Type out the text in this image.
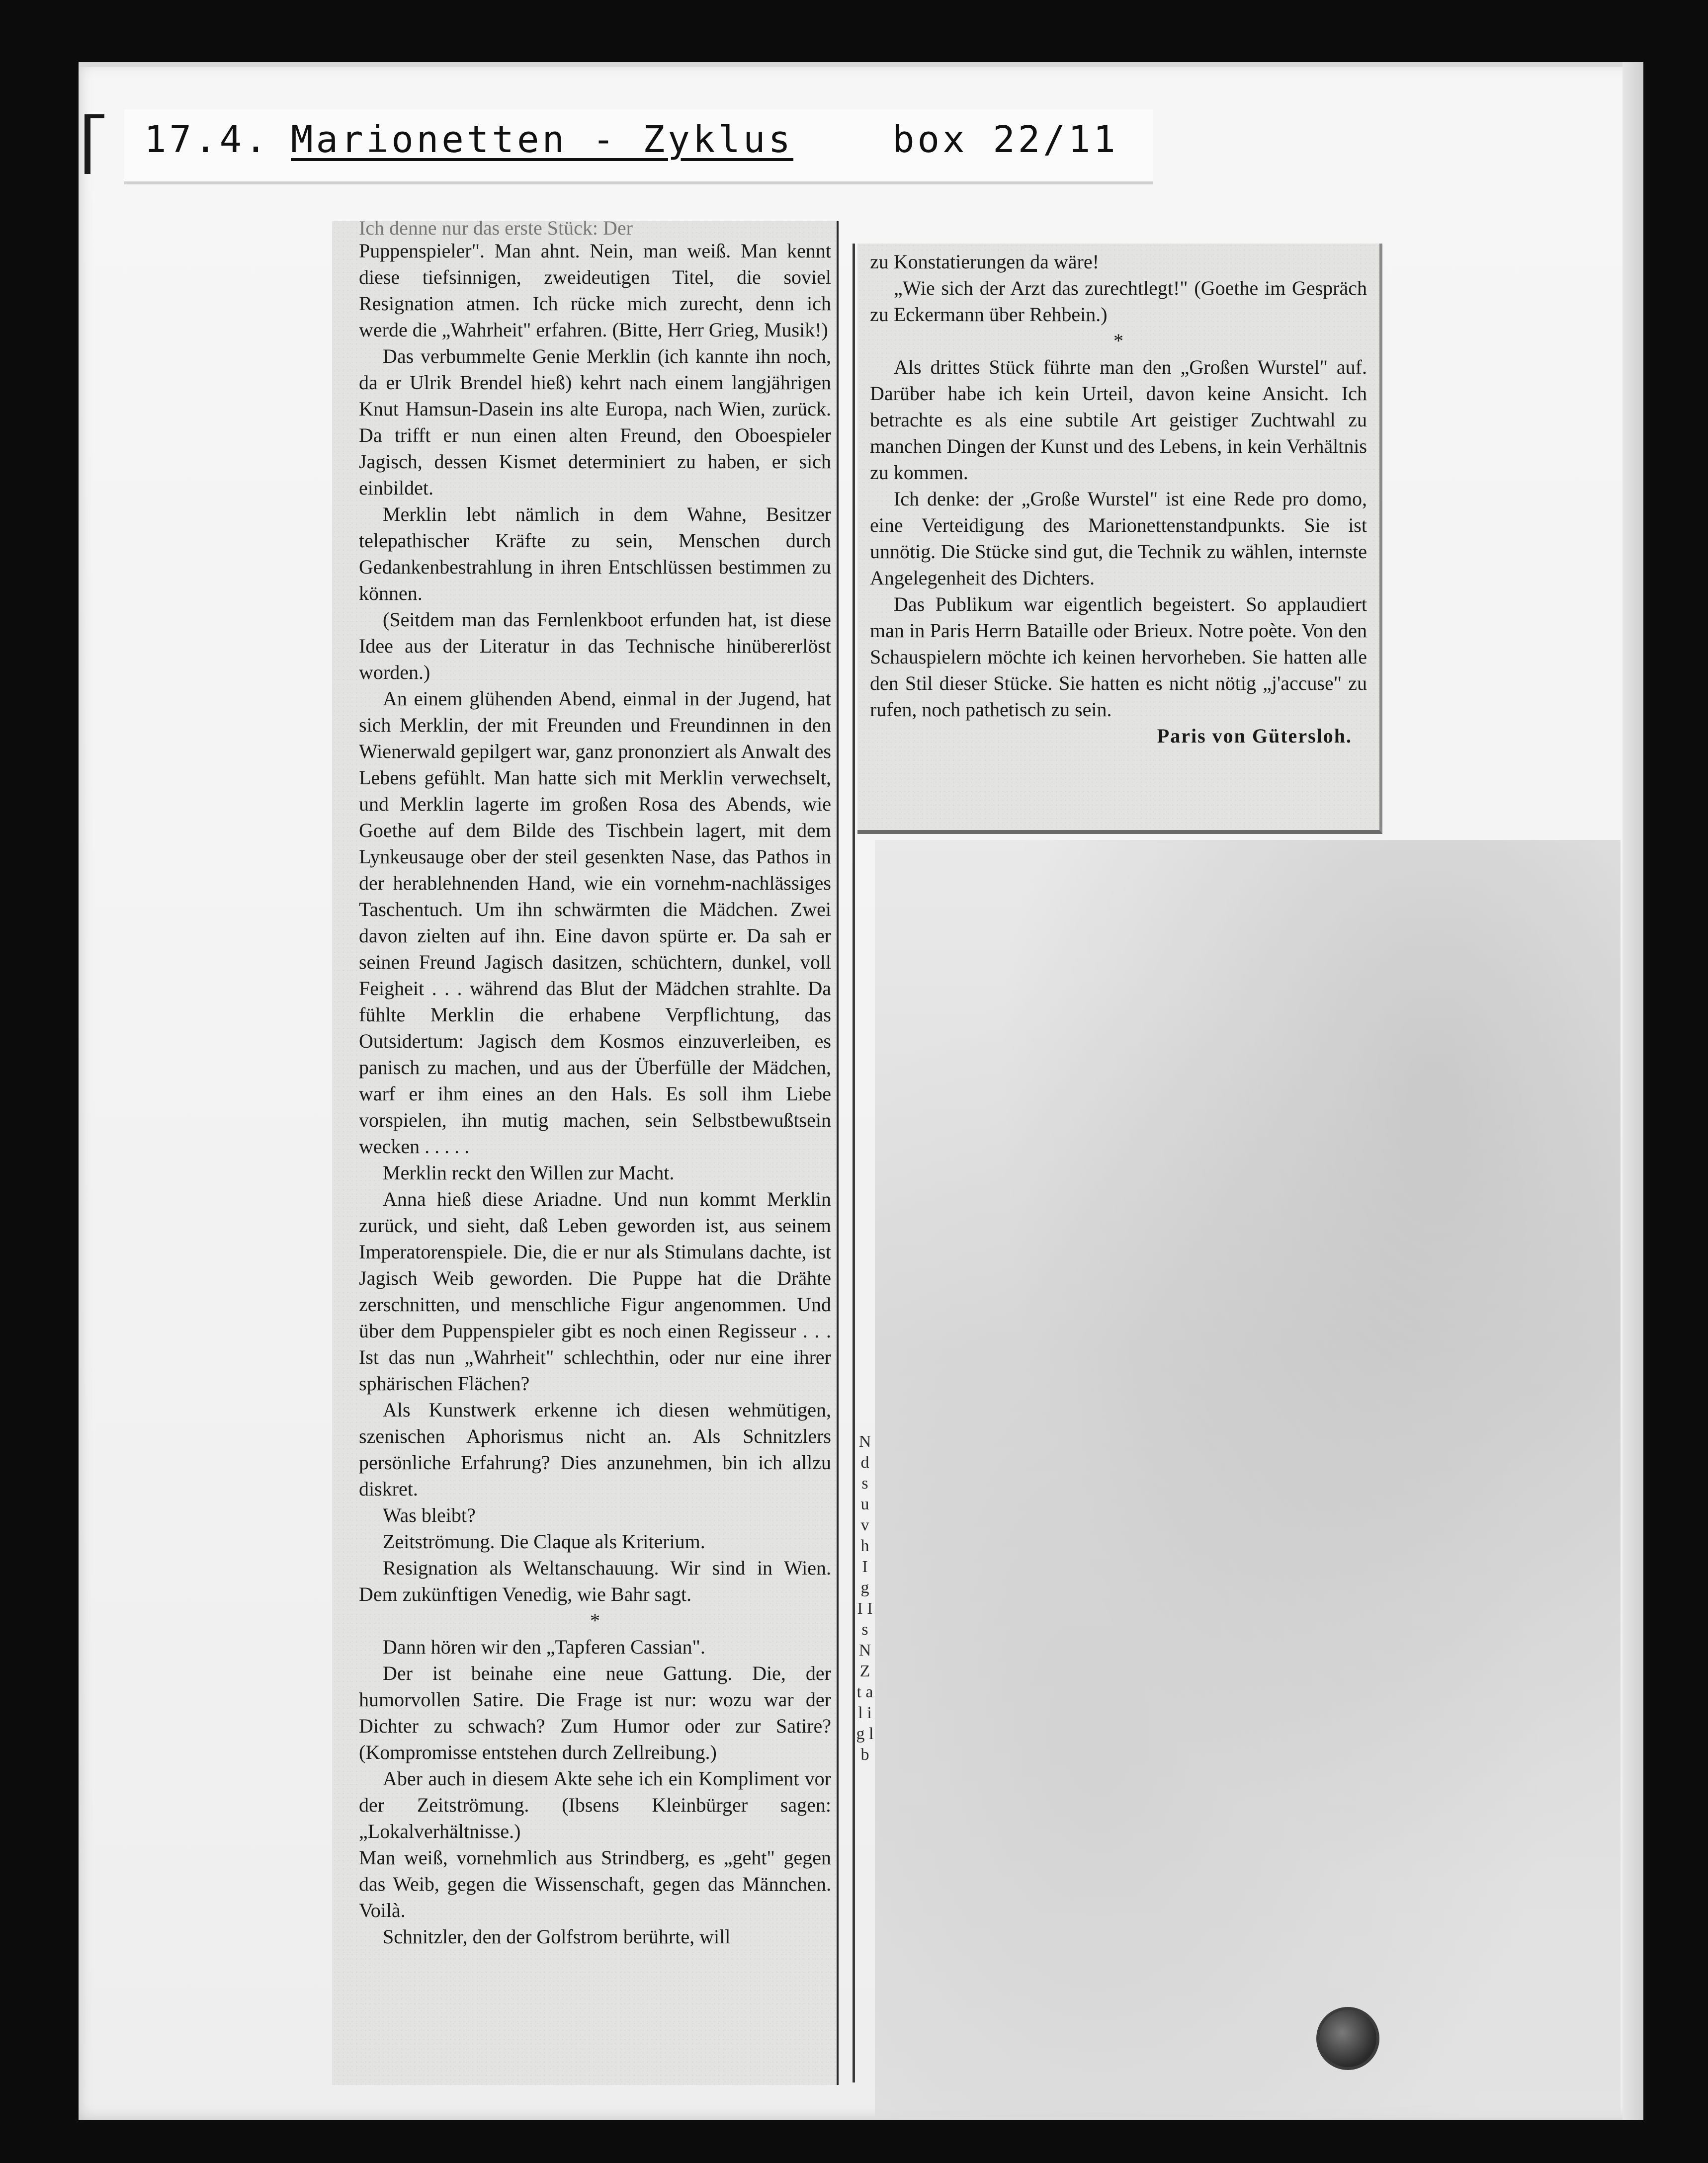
17.4. Marionetten - Zyklus	box 22/11
Ich denne nur das erste Stück: Der

Puppenspieler". Man ahnt. Nein, man weiß. Man kennt diese tiefsinnigen, zweideutigen Titel, die soviel Resignation atmen. Ich rücke mich zurecht, denn ich werde die „Wahrheit" erfahren. (Bitte, Herr Grieg, Musik!)

Das verbummelte Genie Merklin (ich kannte ihn noch, da er Ulrik Brendel hieß) kehrt nach einem langjährigen Knut Hamsun-Dasein ins alte Europa, nach Wien, zurück. Da trifft er nun einen alten Freund, den Oboespieler Jagisch, dessen Kismet determiniert zu haben, er sich einbildet.

Merklin lebt nämlich in dem Wahne, Besitzer telepathischer Kräfte zu sein, Menschen durch Gedankenbestrahlung in ihren Entschlüssen bestimmen zu können.

(Seitdem man das Fernlenkboot erfunden hat, ist diese Idee aus der Literatur in das Technische hinübererlöst worden.)

An einem glühenden Abend, einmal in der Jugend, hat sich Merklin, der mit Freunden und Freundinnen in den Wienerwald gepilgert war, ganz prononziert als Anwalt des Lebens gefühlt. Man hatte sich mit Merklin verwechselt, und Merklin lagerte im großen Rosa des Abends, wie Goethe auf dem Bilde des Tischbein lagert, mit dem Lynkeusauge ober der steil gesenkten Nase, das Pathos in der herablehnenden Hand, wie ein vornehm-nachlässiges Taschentuch. Um ihn schwärmten die Mädchen. Zwei davon zielten auf ihn. Eine davon spürte er. Da sah er seinen Freund Jagisch dasitzen, schüchtern, dunkel, voll Feigheit . . . während das Blut der Mädchen strahlte. Da fühlte Merklin die erhabene Verpflichtung, das Outsidertum: Jagisch dem Kosmos einzuverleiben, es panisch zu machen, und aus der Überfülle der Mädchen, warf er ihm eines an den Hals. Es soll ihm Liebe vorspielen, ihn mutig machen, sein Selbstbewußtsein wecken . . . . .

Merklin reckt den Willen zur Macht.

Anna hieß diese Ariadne. Und nun kommt Merklin zurück, und sieht, daß Leben geworden ist, aus seinem Imperatorenspiele. Die, die er nur als Stimulans dachte, ist Jagisch Weib geworden. Die Puppe hat die Drähte zerschnitten, und menschliche Figur angenommen. Und über dem Puppenspieler gibt es noch einen Regisseur . . . Ist das nun „Wahrheit" schlechthin, oder nur eine ihrer sphärischen Flächen?

Als Kunstwerk erkenne ich diesen wehmütigen, szenischen Aphorismus nicht an. Als Schnitzlers persönliche Erfahrung? Dies anzunehmen, bin ich allzu diskret.

Was bleibt?

Zeitströmung. Die Claque als Kriterium.

Resignation als Weltanschauung. Wir sind in Wien. Dem zukünftigen Venedig, wie Bahr sagt.

*

Dann hören wir den „Tapferen Cassian".

Der ist beinahe eine neue Gattung. Die, der humorvollen Satire. Die Frage ist nur: wozu war der Dichter zu schwach? Zum Humor oder zur Satire? (Kompromisse entstehen durch Zellreibung.)

Aber auch in diesem Akte sehe ich ein Kompliment vor der Zeitströmung. (Ibsens Kleinbürger sagen: „Lokalverhältnisse.)

Man weiß, vornehmlich aus Strindberg, es „geht" gegen das Weib, gegen die Wissenschaft, gegen das Männchen. Voilà.

Schnitzler, den der Golfstrom berührte, will

zu Konstatierungen da wäre!

„Wie sich der Arzt das zurechtlegt!" (Goethe im Gespräch zu Eckermann über Rehbein.)

*

Als drittes Stück führte man den „Großen Wurstel" auf. Darüber habe ich kein Urteil, davon keine Ansicht. Ich betrachte es als eine subtile Art geistiger Zuchtwahl zu manchen Dingen der Kunst und des Lebens, in kein Verhältnis zu kommen.

Ich denke: der „Große Wurstel" ist eine Rede pro domo, eine Verteidigung des Marionettenstandpunkts. Sie ist unnötig. Die Stücke sind gut, die Technik zu wählen, internste Angelegenheit des Dichters.

Das Publikum war eigentlich begeistert. So applaudiert man in Paris Herrn Bataille oder Brieux. Notre poète. Von den Schauspielern möchte ich keinen hervorheben. Sie hatten alle den Stil dieser Stücke. Sie hatten es nicht nötig „j'accuse" zu rufen, noch pathetisch zu sein.

Paris von Gütersloh.

N d s u v h I g I I s N Z t a l i g l b
